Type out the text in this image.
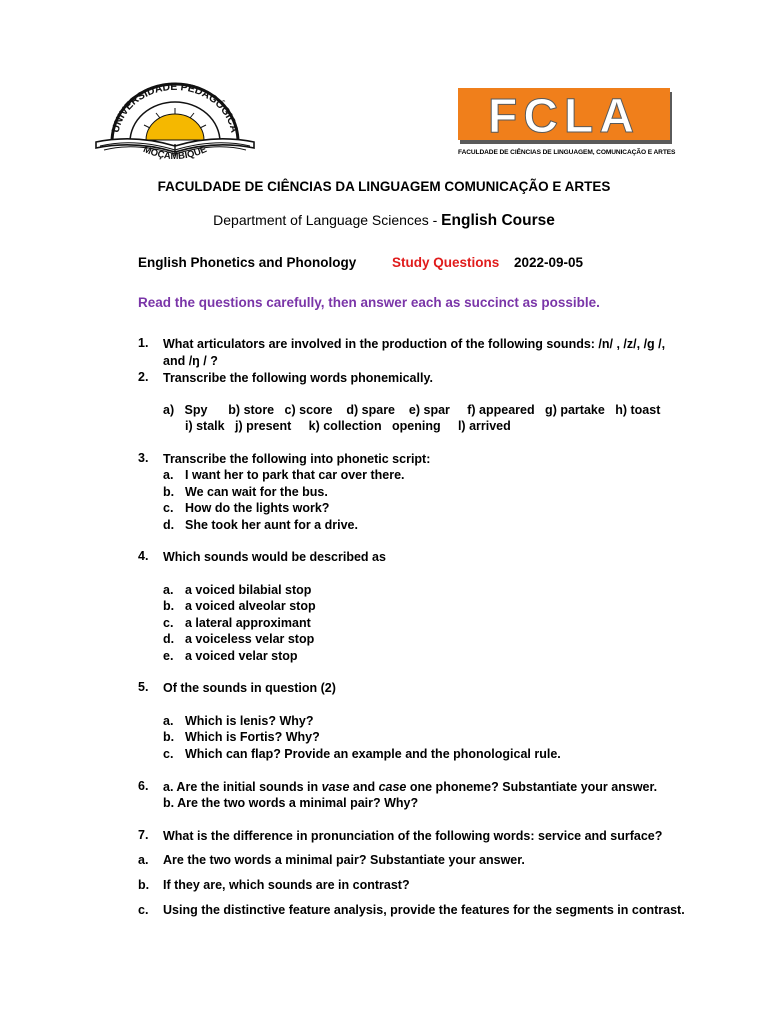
UNIVERSIDADE PEDAGÓGICA
MOÇAMBIQUE
FCLA
FACULDADE DE CIÊNCIAS DE LINGUAGEM, COMUNICAÇÃO E ARTES
FACULDADE DE CIÊNCIAS DA LINGUAGEM COMUNICAÇÃO E ARTES
Department of Language Sciences - English Course
English Phonetics and Phonology	Study Questions 2022-09-05
Read the questions carefully, then answer each as succinct as possible.
1. What articulators are involved in the production of the following sounds: /n/ , /z/, /ɡ /,
and /ŋ / ?
2. Transcribe the following words phonemically.
a)   Spy      b) store   c) score    d) spare    e) spar     f) appeared   g) partake   h) toast
i) stalk   j) present     k) collection   opening     l) arrived
3. Transcribe the following into phonetic script:
a. I want her to park that car over there.
b. We can wait for the bus.
c. How do the lights work?
d. She took her aunt for a drive.
4. Which sounds would be described as
a. a voiced bilabial stop
b. a voiced alveolar stop
c. a lateral approximant
d. a voiceless velar stop
e. a voiced velar stop
5. Of the sounds in question (2)
a. Which is lenis? Why?
b. Which is Fortis? Why?
c. Which can flap? Provide an example and the phonological rule.
6. a. Are the initial sounds in vase and case one phoneme? Substantiate your answer.
b. Are the two words a minimal pair? Why?
7. What is the difference in pronunciation of the following words: service and surface?
a. Are the two words a minimal pair? Substantiate your answer.
b. If they are, which sounds are in contrast?
c. Using the distinctive feature analysis, provide the features for the segments in contrast.
